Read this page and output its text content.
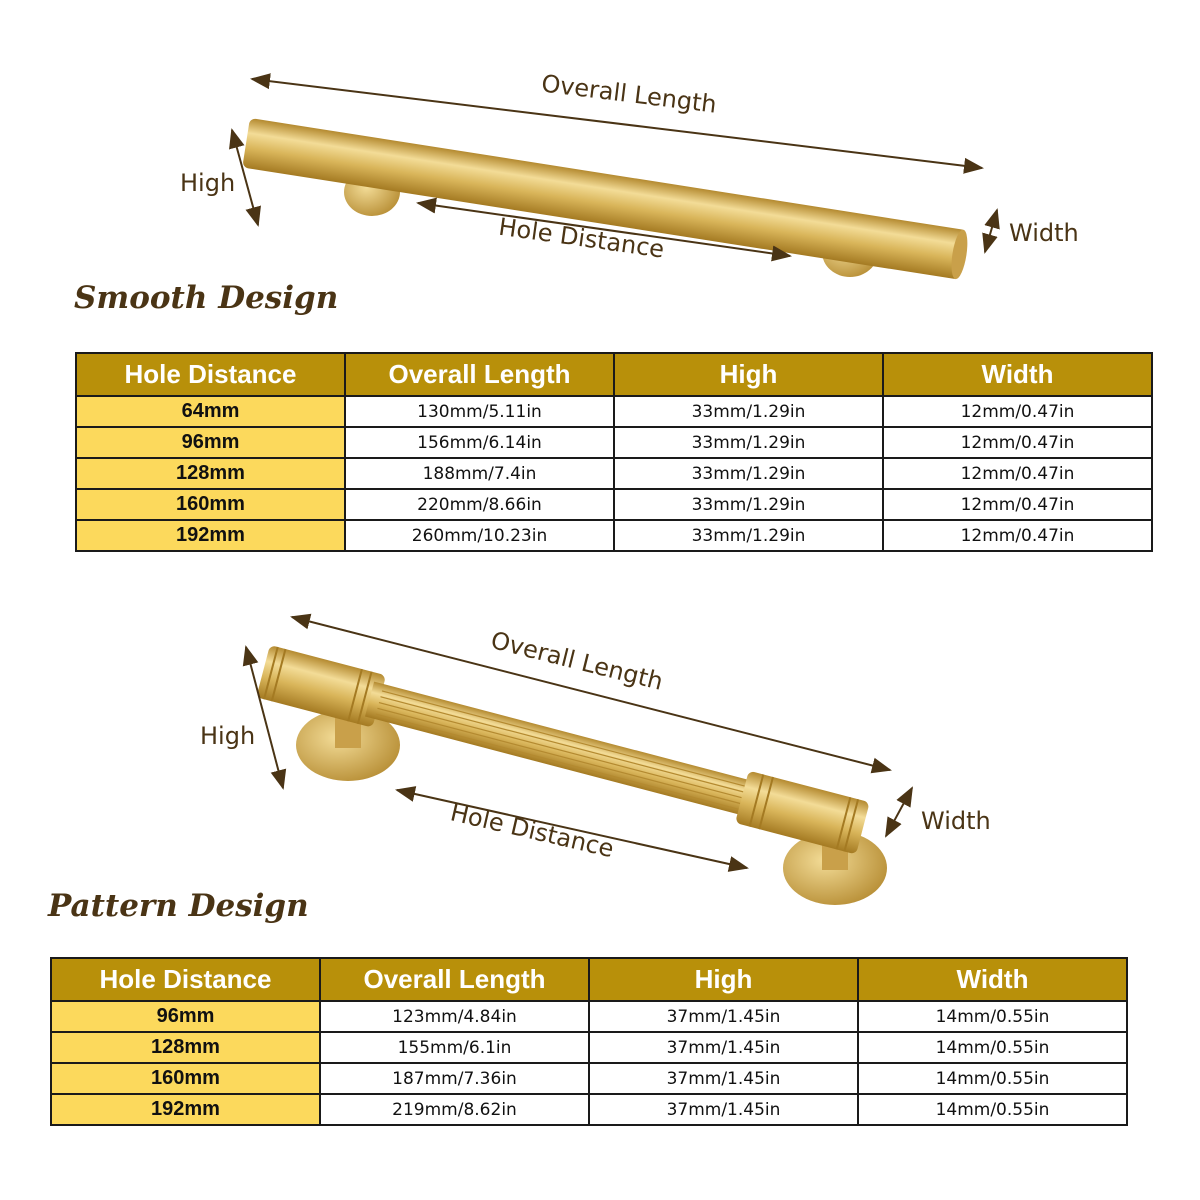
Overall Length
High
Width
Hole Distance
Overall Length
High
Width
Hole Distance
Smooth Design
Hole Distance	Overall Length	High	Width
64mm	130mm/5.11in	33mm/1.29in	12mm/0.47in
96mm	156mm/6.14in	33mm/1.29in	12mm/0.47in
128mm	188mm/7.4in	33mm/1.29in	12mm/0.47in
160mm	220mm/8.66in	33mm/1.29in	12mm/0.47in
192mm	260mm/10.23in	33mm/1.29in	12mm/0.47in
Pattern Design
Hole Distance	Overall Length	High	Width
96mm	123mm/4.84in	37mm/1.45in	14mm/0.55in
128mm	155mm/6.1in	37mm/1.45in	14mm/0.55in
160mm	187mm/7.36in	37mm/1.45in	14mm/0.55in
192mm	219mm/8.62in	37mm/1.45in	14mm/0.55in
